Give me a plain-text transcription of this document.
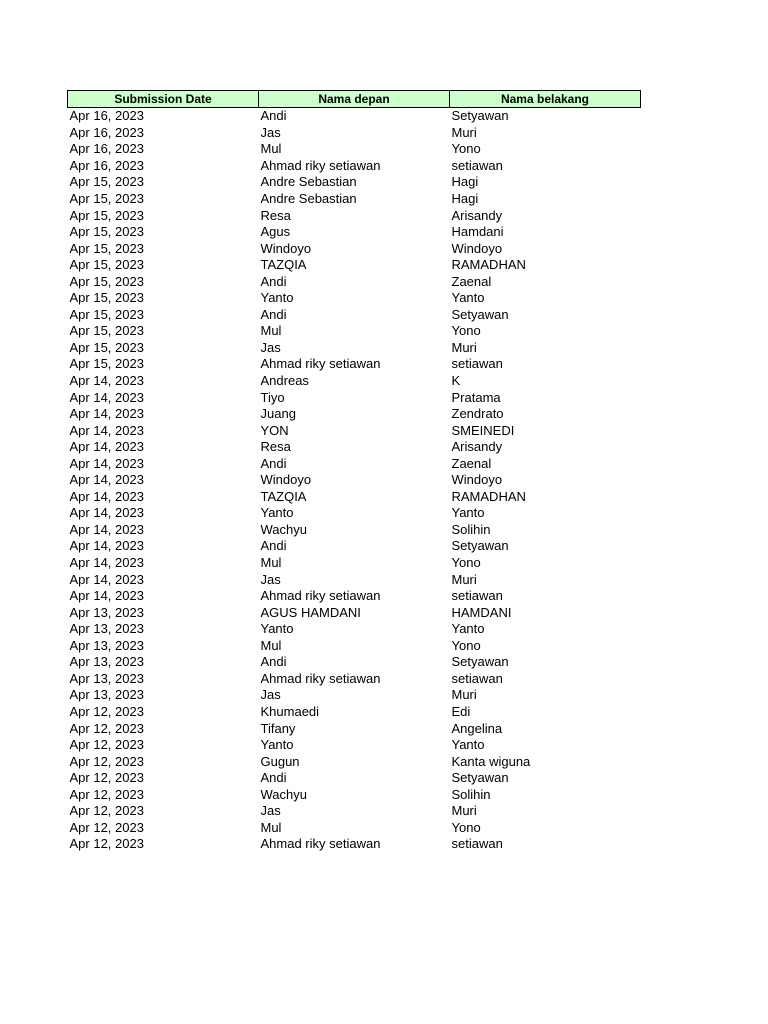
Submission Date	Nama depan	Nama belakang
Apr 16, 2023	Andi	Setyawan
Apr 16, 2023	Jas	Muri
Apr 16, 2023	Mul	Yono
Apr 16, 2023	Ahmad riky setiawan	setiawan
Apr 15, 2023	Andre Sebastian	Hagi
Apr 15, 2023	Andre Sebastian	Hagi
Apr 15, 2023	Resa	Arisandy
Apr 15, 2023	Agus	Hamdani
Apr 15, 2023	Windoyo	Windoyo
Apr 15, 2023	TAZQIA	RAMADHAN
Apr 15, 2023	Andi	Zaenal
Apr 15, 2023	Yanto	Yanto
Apr 15, 2023	Andi	Setyawan
Apr 15, 2023	Mul	Yono
Apr 15, 2023	Jas	Muri
Apr 15, 2023	Ahmad riky setiawan	setiawan
Apr 14, 2023	Andreas	K
Apr 14, 2023	Tiyo	Pratama
Apr 14, 2023	Juang	Zendrato
Apr 14, 2023	YON	SMEINEDI
Apr 14, 2023	Resa	Arisandy
Apr 14, 2023	Andi	Zaenal
Apr 14, 2023	Windoyo	Windoyo
Apr 14, 2023	TAZQIA	RAMADHAN
Apr 14, 2023	Yanto	Yanto
Apr 14, 2023	Wachyu	Solihin
Apr 14, 2023	Andi	Setyawan
Apr 14, 2023	Mul	Yono
Apr 14, 2023	Jas	Muri
Apr 14, 2023	Ahmad riky setiawan	setiawan
Apr 13, 2023	AGUS HAMDANI	HAMDANI
Apr 13, 2023	Yanto	Yanto
Apr 13, 2023	Mul	Yono
Apr 13, 2023	Andi	Setyawan
Apr 13, 2023	Ahmad riky setiawan	setiawan
Apr 13, 2023	Jas	Muri
Apr 12, 2023	Khumaedi	Edi
Apr 12, 2023	Tifany	Angelina
Apr 12, 2023	Yanto	Yanto
Apr 12, 2023	Gugun	Kanta wiguna
Apr 12, 2023	Andi	Setyawan
Apr 12, 2023	Wachyu	Solihin
Apr 12, 2023	Jas	Muri
Apr 12, 2023	Mul	Yono
Apr 12, 2023	Ahmad riky setiawan	setiawan
